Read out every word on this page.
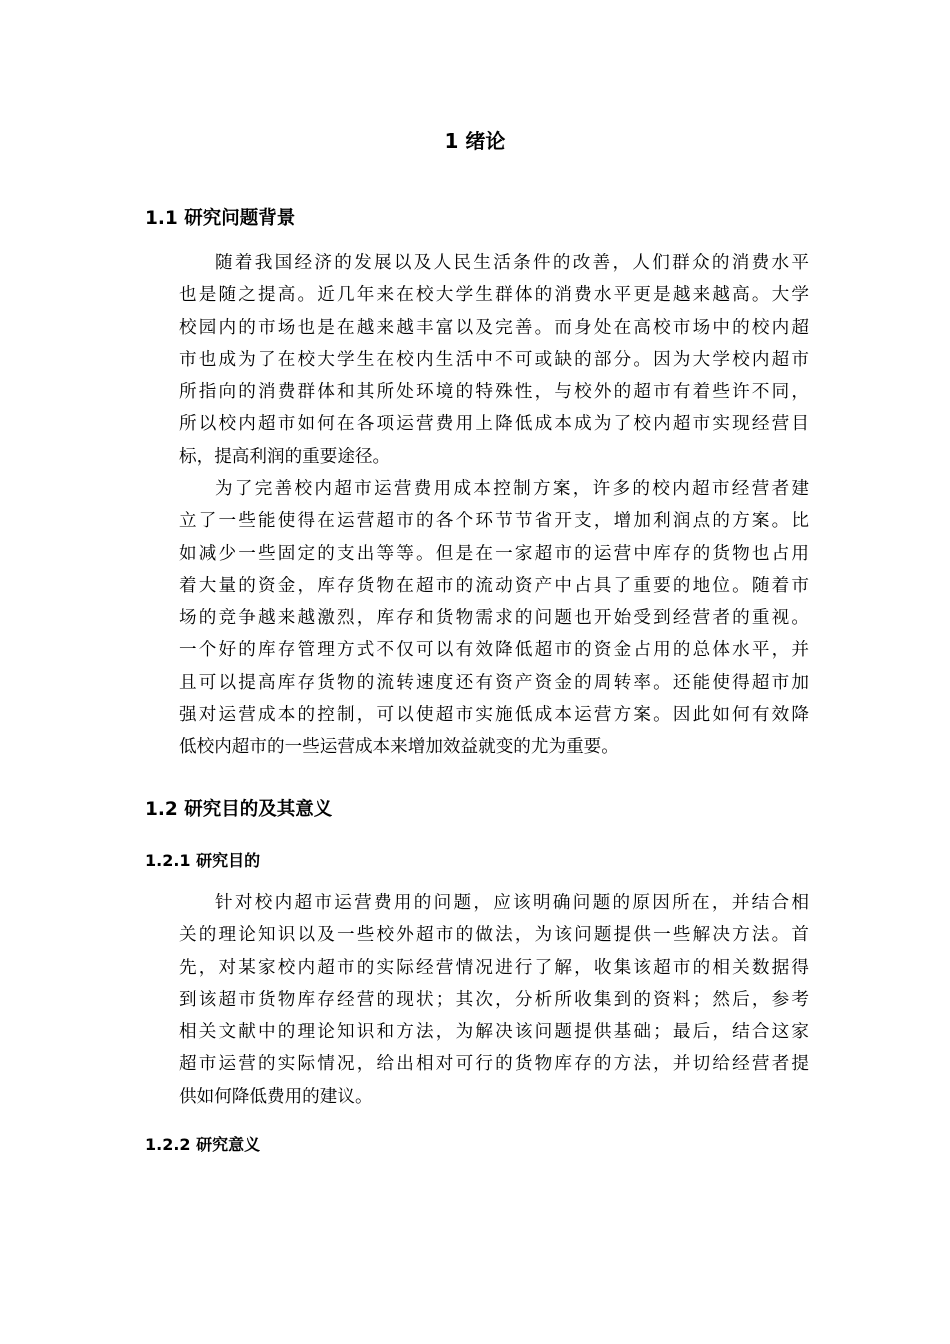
1 绪论
1.1 研究问题背景
随着我国经济的发展以及人民生活条件的改善，人们群众的消费水平
也是随之提高。近几年来在校大学生群体的消费水平更是越来越高。大学
校园内的市场也是在越来越丰富以及完善。而身处在高校市场中的校内超
市也成为了在校大学生在校内生活中不可或缺的部分。因为大学校内超市
所指向的消费群体和其所处环境的特殊性，与校外的超市有着些许不同，
所以校内超市如何在各项运营费用上降低成本成为了校内超市实现经营目
标，提高利润的重要途径。
为了完善校内超市运营费用成本控制方案，许多的校内超市经营者建
立了一些能使得在运营超市的各个环节节省开支，增加利润点的方案。比
如减少一些固定的支出等等。但是在一家超市的运营中库存的货物也占用
着大量的资金，库存货物在超市的流动资产中占具了重要的地位。随着市
场的竞争越来越激烈，库存和货物需求的问题也开始受到经营者的重视。
一个好的库存管理方式不仅可以有效降低超市的资金占用的总体水平，并
且可以提高库存货物的流转速度还有资产资金的周转率。还能使得超市加
强对运营成本的控制，可以使超市实施低成本运营方案。因此如何有效降
低校内超市的一些运营成本来增加效益就变的尤为重要。
1.2 研究目的及其意义
1.2.1 研究目的
针对校内超市运营费用的问题，应该明确问题的原因所在，并结合相
关的理论知识以及一些校外超市的做法，为该问题提供一些解决方法。首
先，对某家校内超市的实际经营情况进行了解，收集该超市的相关数据得
到该超市货物库存经营的现状；其次，分析所收集到的资料；然后，参考
相关文献中的理论知识和方法，为解决该问题提供基础；最后，结合这家
超市运营的实际情况，给出相对可行的货物库存的方法，并切给经营者提
供如何降低费用的建议。
1.2.2 研究意义
